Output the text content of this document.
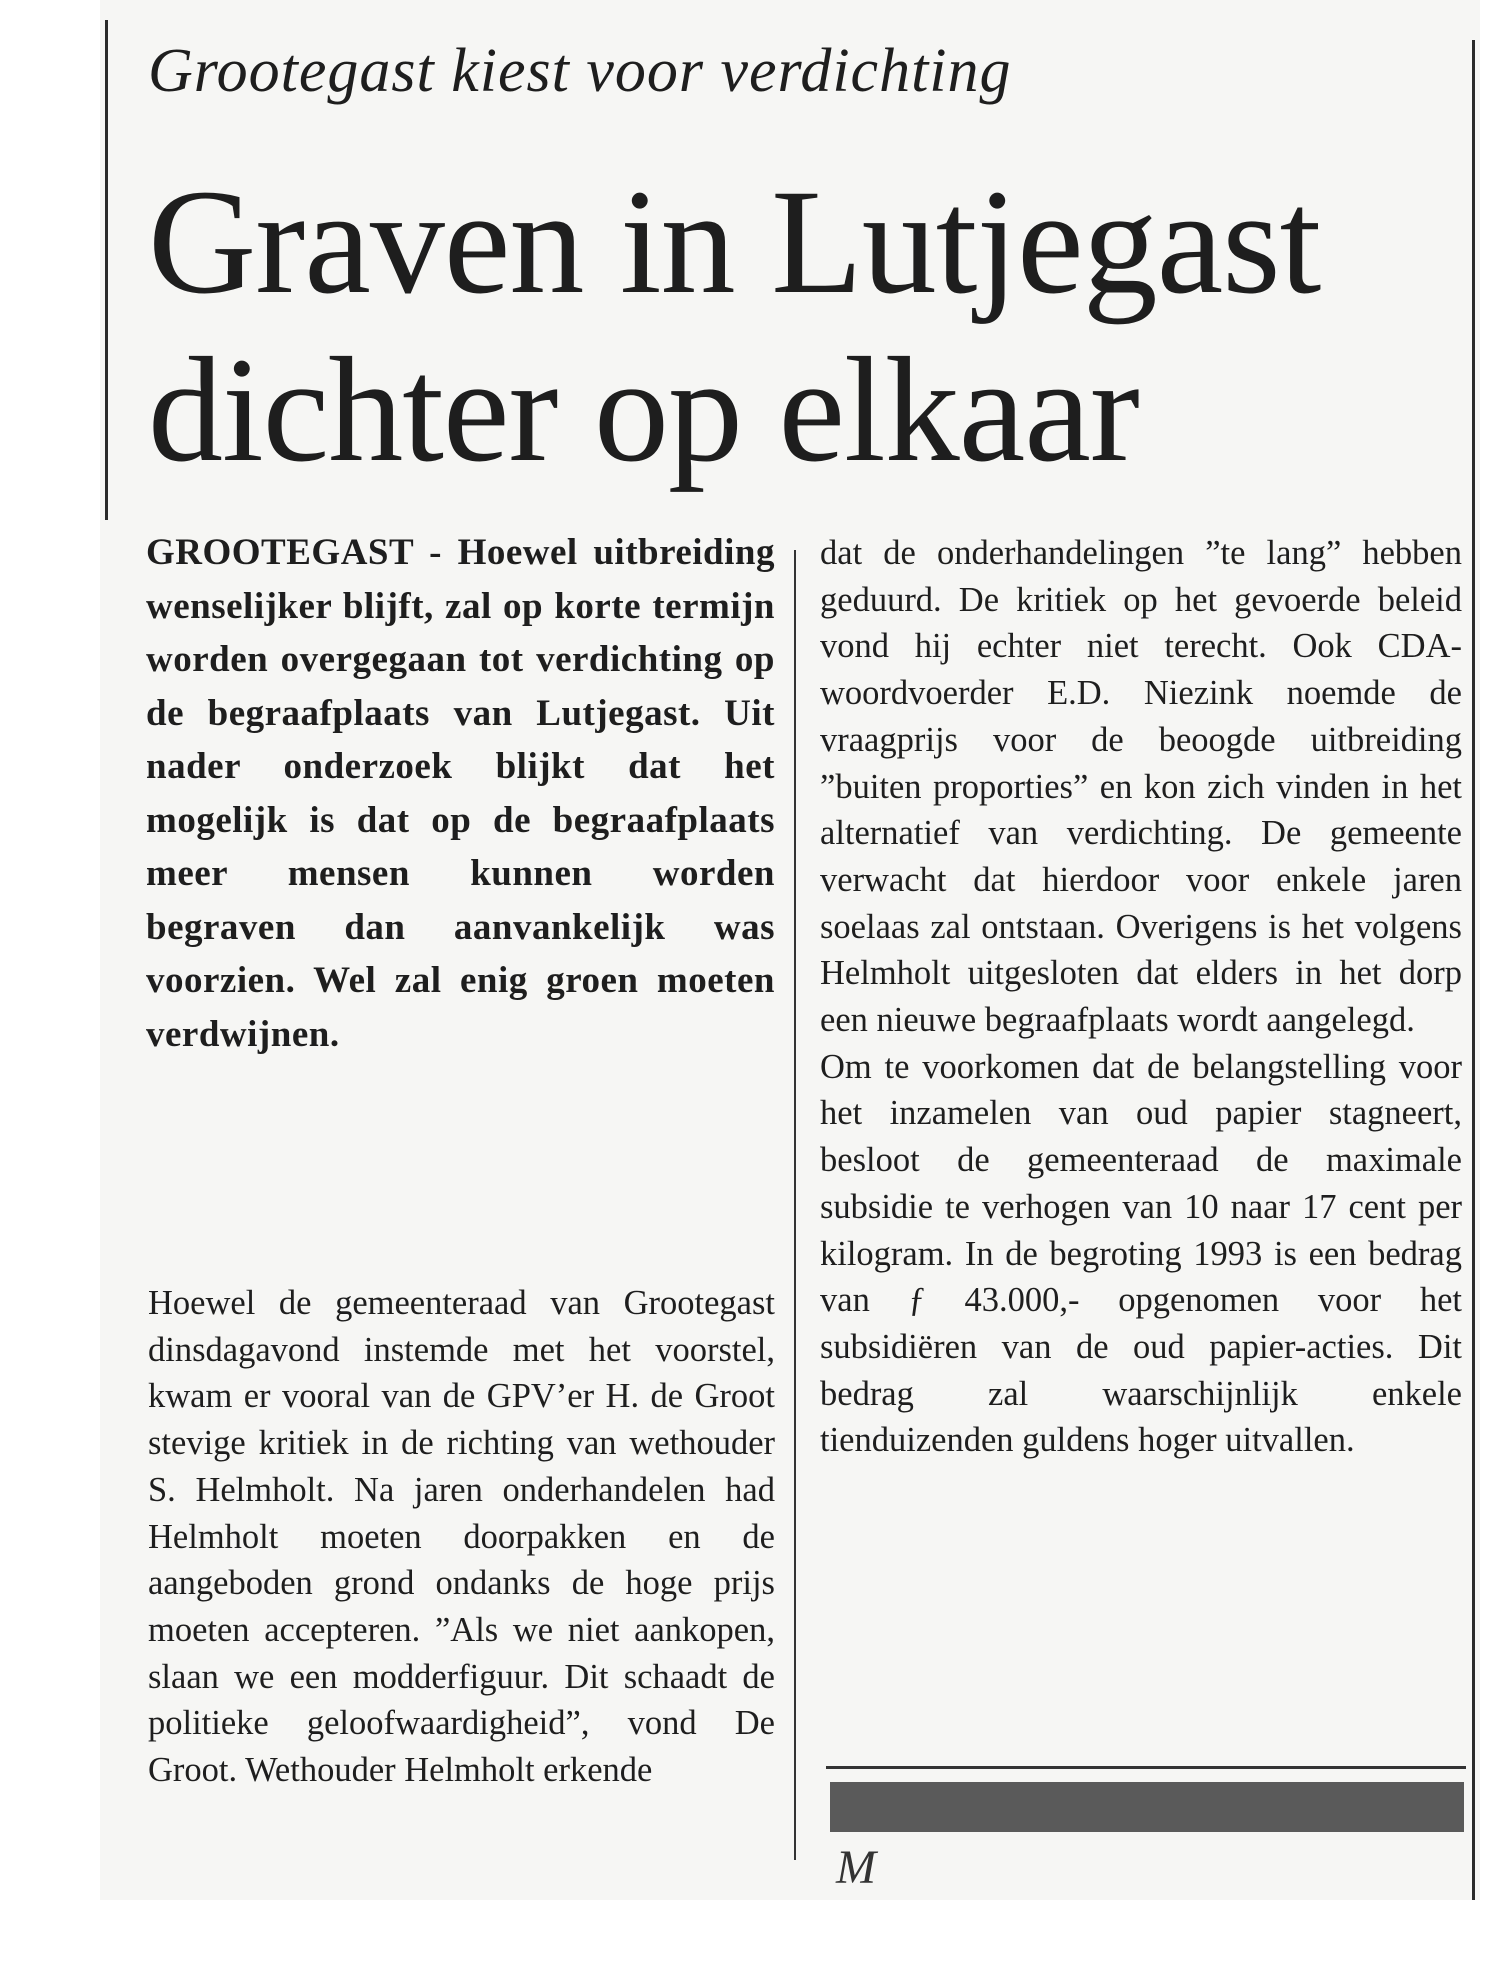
Grootegast kiest voor verdichting
Graven in Lutjegast dichter op elkaar

GROOTEGAST - Hoewel uitbreiding wenselijker blijft, zal op korte termijn worden overgegaan tot verdichting op de begraafplaats van Lutjegast. Uit nader onderzoek blijkt dat het mogelijk is dat op de begraafplaats meer mensen kunnen worden begraven dan aanvankelijk was voorzien. Wel zal enig groen moeten verdwijnen.

Hoewel de gemeenteraad van Grootegast dinsdagavond instemde met het voorstel, kwam er vooral van de GPV’er H. de Groot stevige kritiek in de richting van wethouder S. Helmholt. Na jaren onderhandelen had Helmholt moeten doorpakken en de aangeboden grond ondanks de hoge prijs moeten accepteren. ”Als we niet aankopen, slaan we een modderfiguur. Dit schaadt de politieke geloofwaardigheid”, vond De Groot. Wethouder Helmholt erkende

dat de onderhandelingen ”te lang” hebben geduurd. De kritiek op het gevoerde beleid vond hij echter niet terecht. Ook CDA-woordvoerder E.D. Niezink noemde de vraagprijs voor de beoogde uitbreiding ”buiten proporties” en kon zich vinden in het alternatief van verdichting. De gemeente verwacht dat hierdoor voor enkele jaren soelaas zal ontstaan. Overigens is het volgens Helmholt uitgesloten dat elders in het dorp een nieuwe begraafplaats wordt aangelegd.

Om te voorkomen dat de belangstelling voor het inzamelen van oud papier stagneert, besloot de gemeenteraad de maximale subsidie te verhogen van 10 naar 17 cent per kilogram. In de begroting 1993 is een bedrag van ƒ 43.000,- opgenomen voor het subsidiëren van de oud papier-acties. Dit bedrag zal waarschijnlijk enkele tienduizenden guldens hoger uitvallen.

M
